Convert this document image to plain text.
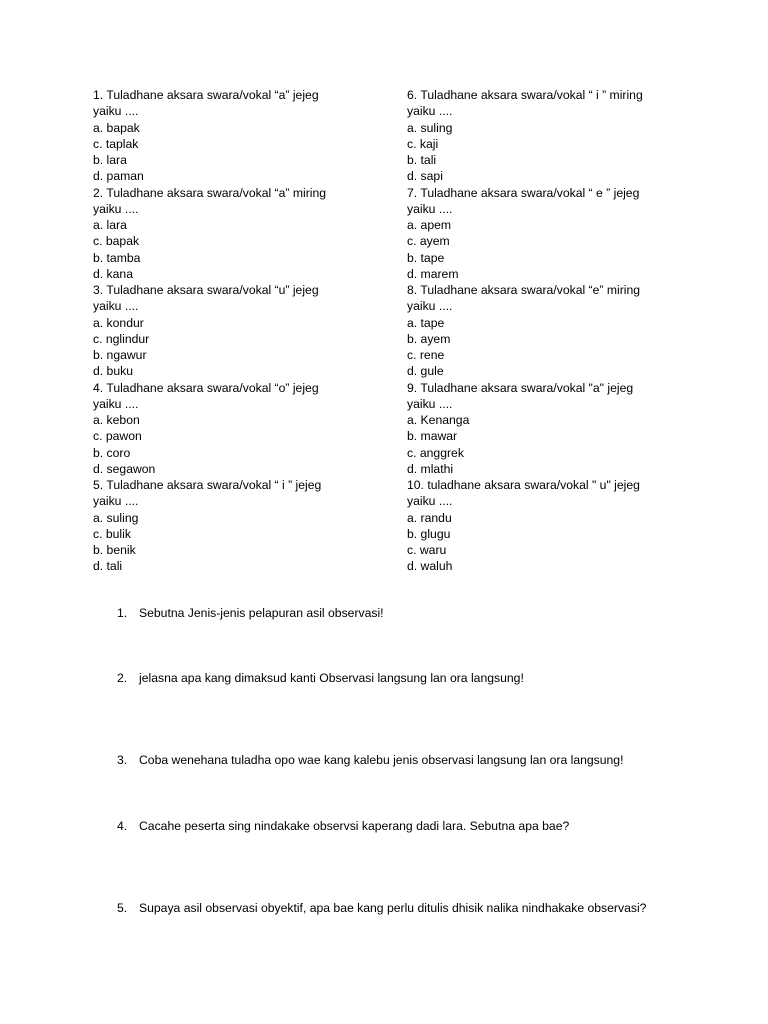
1. Tuladhane aksara swara/vokal “a” jejeg
yaiku ....
a. bapak
c. taplak
b. lara
d. paman
2. Tuladhane aksara swara/vokal “a” miring
yaiku ....
a. lara
c. bapak
b. tamba
d. kana
3. Tuladhane aksara swara/vokal “u” jejeg
yaiku ....
a. kondur
c. nglindur
b. ngawur
d. buku
4. Tuladhane aksara swara/vokal “o” jejeg
yaiku ....
a. kebon
c. pawon
b. coro
d. segawon
5. Tuladhane aksara swara/vokal “ i ” jejeg
yaiku ....
a. suling
c. bulik
b. benik
d. tali
6. Tuladhane aksara swara/vokal “ i ” miring
yaiku ....
a. suling
c. kaji
b. tali
d. sapi
7. Tuladhane aksara swara/vokal “ e ” jejeg
yaiku ....
a. apem
c. ayem
b. tape
d. marem
8. Tuladhane aksara swara/vokal “e” miring
yaiku ....
a. tape
b. ayem
c. rene
d. gule
9. Tuladhane aksara swara/vokal "a" jejeg
yaiku ....
a. Kenanga
b. mawar
c. anggrek
d. mlathi
10. tuladhane aksara swara/vokal " u" jejeg
yaiku ....
a. randu
b. glugu
c. waru
d. waluh
1. Sebutna Jenis-jenis pelapuran asil observasi!
2. jelasna apa kang dimaksud kanti Observasi langsung lan ora langsung!
3. Coba wenehana tuladha opo wae kang kalebu jenis observasi langsung lan ora langsung!
4. Cacahe peserta sing nindakake observsi kaperang dadi lara. Sebutna apa bae?
5. Supaya asil observasi obyektif, apa bae kang perlu ditulis dhisik nalika nindhakake observasi?
